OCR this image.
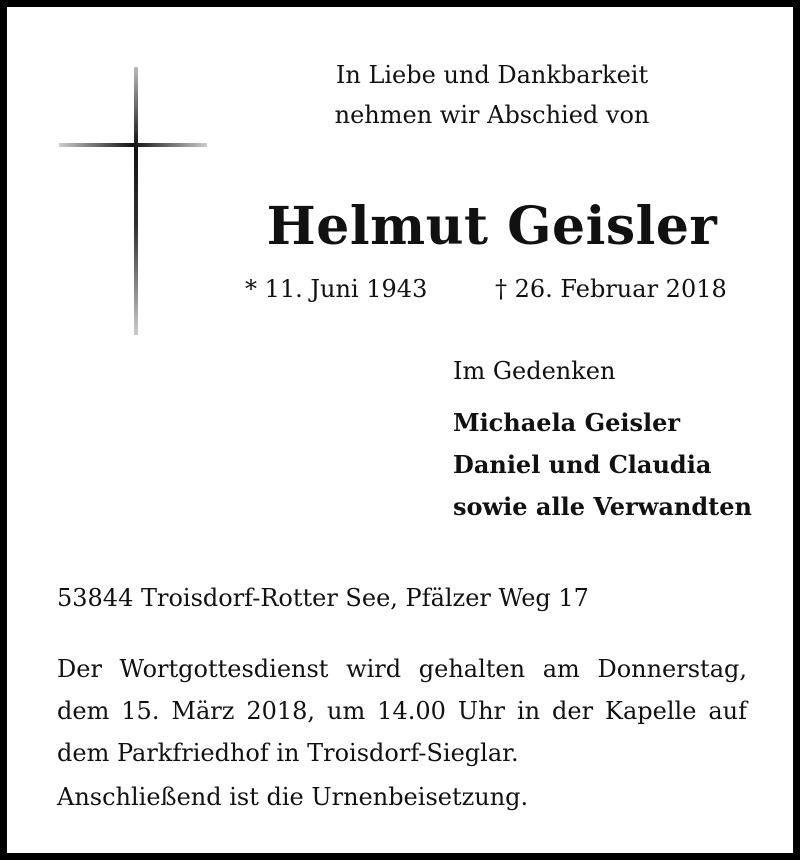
In Liebe und Dankbarkeit
nehmen wir Abschied von
Helmut Geisler
* 11. Juni 1943	† 26. Februar 2018
Im Gedenken
Michaela Geisler
Daniel und Claudia
sowie alle Verwandten
53844 Troisdorf-Rotter See, Pfälzer Weg 17
Der Wortgottesdienst wird gehalten am Donnerstag, dem 15. März 2018, um 14.00 Uhr in der Kapelle auf dem Parkfriedhof in Troisdorf-Sieglar.
Anschließend ist die Urnenbeisetzung.
